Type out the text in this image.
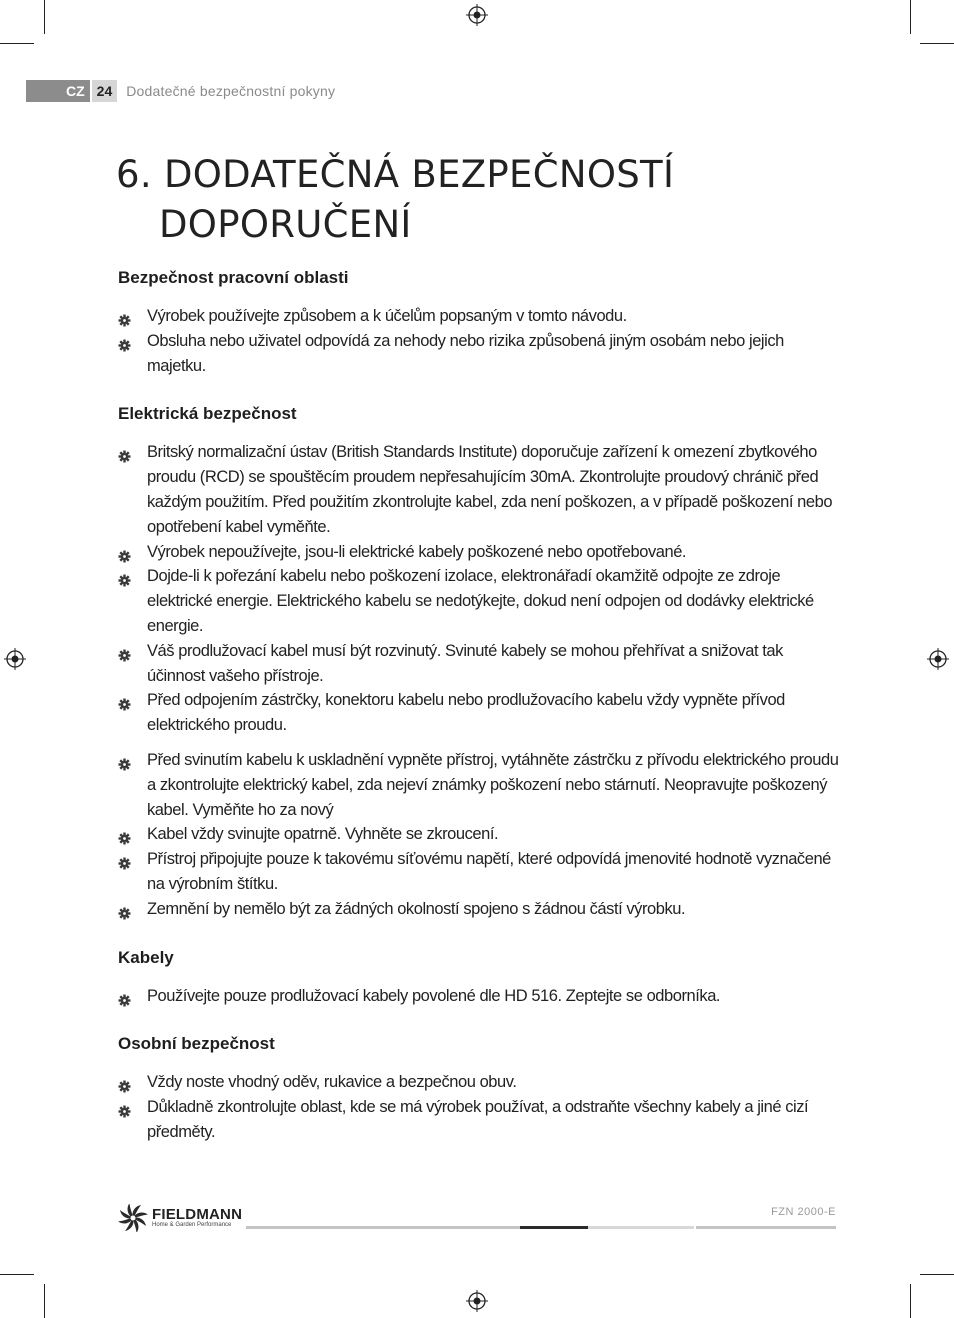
CZ 24	Dodatečné bezpečnostní pokyny
6. DODATEČNÁ BEZPEČNOSTÍ
DOPORUČENÍ
Bezpečnost pracovní oblasti
Výrobek používejte způsobem a k účelům popsaným v tomto návodu.
Obsluha nebo uživatel odpovídá za nehody nebo rizika způsobená jiným osobám nebo jejich majetku.
Elektrická bezpečnost
Britský normalizační ústav (British Standards Institute) doporučuje zařízení k omezení zbytkového proudu (RCD) se spouštěcím proudem nepřesahujícím 30mA. Zkontrolujte proudový chránič před každým použitím. Před použitím zkontrolujte kabel, zda není poškozen, a v případě poškození nebo opotřebení kabel vyměňte.
Výrobek nepoužívejte, jsou-li elektrické kabely poškozené nebo opotřebované.
Dojde-li k pořezání kabelu nebo poškození izolace, elektronářadí okamžitě odpojte ze zdroje elektrické energie. Elektrického kabelu se nedotýkejte, dokud není odpojen od dodávky elektrické energie.
Váš prodlužovací kabel musí být rozvinutý. Svinuté kabely se mohou přehřívat a snižovat tak účinnost vašeho přístroje.
Před odpojením zástrčky, konektoru kabelu nebo prodlužovacího kabelu vždy vypněte přívod elektrického proudu.
Před svinutím kabelu k uskladnění vypněte přístroj, vytáhněte zástrčku z přívodu elektrického proudu a zkontrolujte elektrický kabel, zda nejeví známky poškození nebo stárnutí. Neopravujte poškozený kabel. Vyměňte ho za nový
Kabel vždy svinujte opatrně. Vyhněte se zkroucení.
Přístroj připojujte pouze k takovému síťovému napětí, které odpovídá jmenovité hodnotě vyznačené na výrobním štítku.
Zemnění by nemělo být za žádných okolností spojeno s žádnou částí výrobku.
Kabely
Používejte pouze prodlužovací kabely povolené dle HD 516. Zeptejte se odborníka.
Osobní bezpečnost
Vždy noste vhodný oděv, rukavice a bezpečnou obuv.
Důkladně zkontrolujte oblast, kde se má výrobek používat, a odstraňte všechny kabely a jiné cizí předměty.
FIELDMANN
Home & Garden Performance
FZN 2000-E
